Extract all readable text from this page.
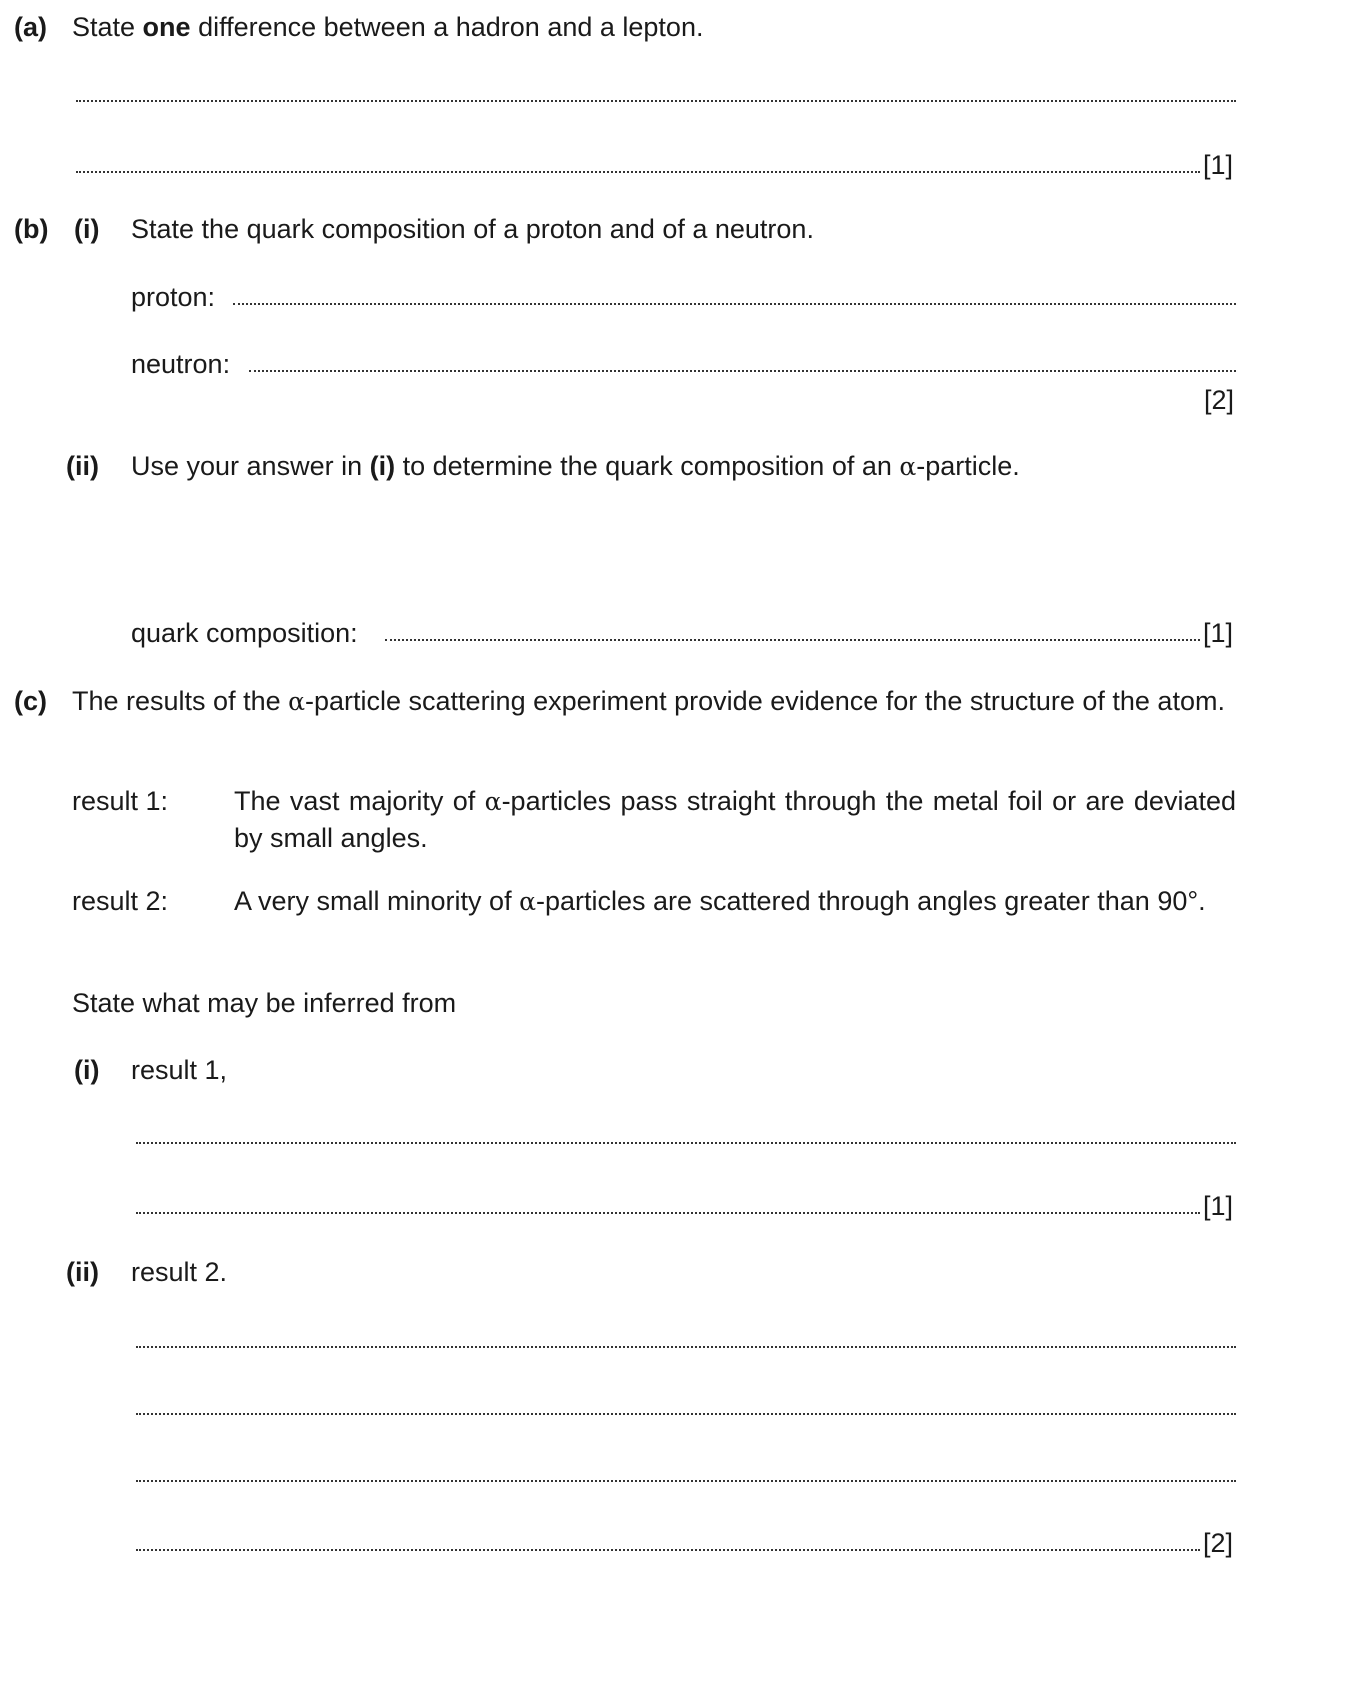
(a) State one difference between a hadron and a lepton.
[1]
(b) (i) State the quark composition of a proton and of a neutron.
proton:
neutron:
[2]
(ii) Use your answer in (i) to determine the quark composition of an α-particle.
quark composition:	[1]
(c) The results of the α-particle scattering experiment provide evidence for the structure of the atom.
result 1: The vast majority of α-particles pass straight through the metal foil or are deviated by small angles.
result 2: A very small minority of α-particles are scattered through angles greater than 90°.
State what may be inferred from
(i) result 1,
[1]
(ii) result 2.
[2]
